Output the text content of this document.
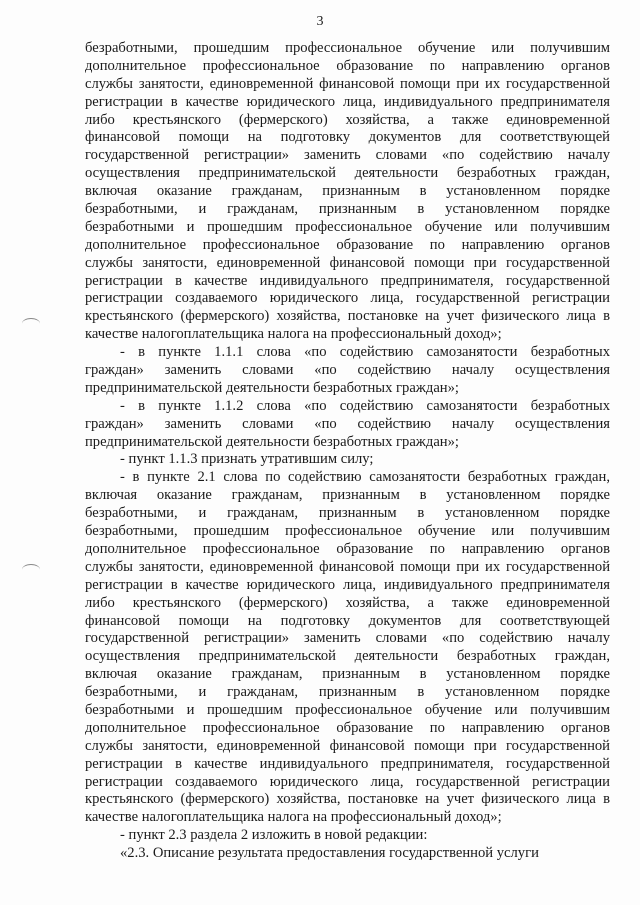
3
безработными, прошедшим профессиональное обучение или получившим
дополнительное профессиональное образование по направлению органов
службы занятости, единовременной финансовой помощи при их государственной
регистрации в качестве юридического лица, индивидуального предпринимателя
либо крестьянского (фермерского) хозяйства, а также единовременной
финансовой помощи на подготовку документов для соответствующей
государственной регистрации» заменить словами «по содействию началу
осуществления предпринимательской деятельности безработных граждан,
включая оказание гражданам, признанным в установленном порядке
безработными, и гражданам, признанным в установленном порядке
безработными и прошедшим профессиональное обучение или получившим
дополнительное профессиональное образование по направлению органов
службы занятости, единовременной финансовой помощи при государственной
регистрации в качестве индивидуального предпринимателя, государственной
регистрации создаваемого юридического лица, государственной регистрации
крестьянского (фермерского) хозяйства, постановке на учет физического лица в
качестве налогоплательщика налога на профессиональный доход»;
- в пункте 1.1.1 слова «по содействию самозанятости безработных
граждан» заменить словами «по содействию началу осуществления
предпринимательской деятельности безработных граждан»;
- в пункте 1.1.2 слова «по содействию самозанятости безработных
граждан» заменить словами «по содействию началу осуществления
предпринимательской деятельности безработных граждан»;
- пункт 1.1.3 признать утратившим силу;
- в пункте 2.1 слова по содействию самозанятости безработных граждан,
включая оказание гражданам, признанным в установленном порядке
безработными, и гражданам, признанным в установленном порядке
безработными, прошедшим профессиональное обучение или получившим
дополнительное профессиональное образование по направлению органов
службы занятости, единовременной финансовой помощи при их государственной
регистрации в качестве юридического лица, индивидуального предпринимателя
либо крестьянского (фермерского) хозяйства, а также единовременной
финансовой помощи на подготовку документов для соответствующей
государственной регистрации» заменить словами «по содействию началу
осуществления предпринимательской деятельности безработных граждан,
включая оказание гражданам, признанным в установленном порядке
безработными, и гражданам, признанным в установленном порядке
безработными и прошедшим профессиональное обучение или получившим
дополнительное профессиональное образование по направлению органов
службы занятости, единовременной финансовой помощи при государственной
регистрации в качестве индивидуального предпринимателя, государственной
регистрации создаваемого юридического лица, государственной регистрации
крестьянского (фермерского) хозяйства, постановке на учет физического лица в
качестве налогоплательщика налога на профессиональный доход»;
- пункт 2.3 раздела 2 изложить в новой редакции:
«2.3. Описание результата предоставления государственной услуги
